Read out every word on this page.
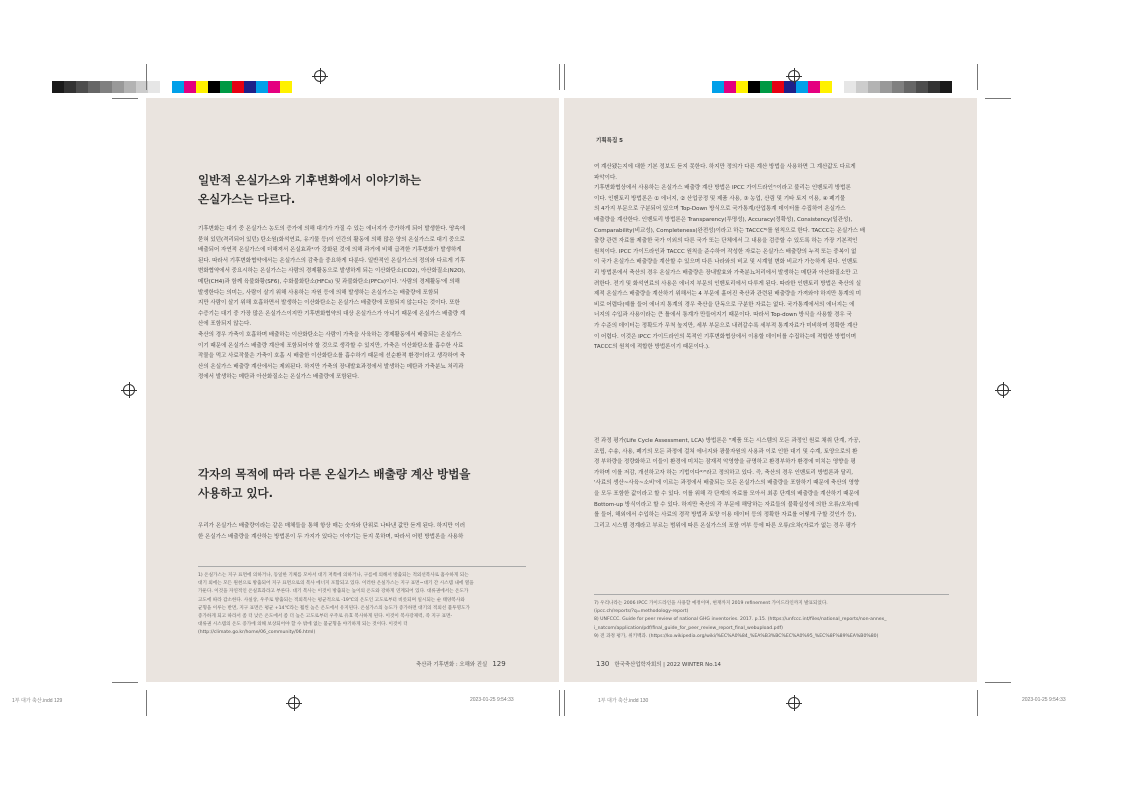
일반적 온실가스와 기후변화에서 이야기하는
온실가스는 다르다.

기후변화는 대기 중 온실가스 농도의 증가에 의해 대기가 가질 수 있는 에너지가 증가하게 되어 발생한다. 땅속에

묻혀 있던(격리되어 있던) 탄소원(화석연료, 유기물 등)이 인간의 활동에 의해 많은 양의 온실가스로 대기 중으로

배출되어 자연적 온실가스에 더해져서 온실효과¹⁾가 강화된 것에 의해 과거에 비해 급격한 기후변화가 발생하게

된다. 따라서 기후변화협약에서는 온실가스의 감축을 중요하게 다룬다. 일반적인 온실가스의 정의와 다르게 기후

변화협약에서 중요시하는 온실가스는 사람의 경제활동으로 발생하게 되는 이산화탄소(CO2), 아산화질소(N2O),

메탄(CH4)과 함께 육불화황(SF6), 수화불화탄소(HFCs) 및 과불화탄소(PFCs)이다. '사람의 경제활동'에 의해

발생한다는 의미는, 사람이 살기 위해 사용하는 자원 등에 의해 발생하는 온실가스는 배출량에 포함되

지만 사람이 살기 위해 호흡하면서 발생하는 이산화탄소는 온실가스 배출량에 포함되지 않는다는 것이다. 또한

수증기는 대기 중 가장 많은 온실가스이지만 기후변화협약의 대상 온실가스가 아니기 때문에 온실가스 배출량 계

산에 포함되지 않는다.

축산의 경우 가축이 호흡하며 배출하는 이산화탄소는 사람이 가축을 사육하는 경제활동에서 배출되는 온실가스

이기 때문에 온실가스 배출량 계산에 포함되어야 할 것으로 생각할 수 있지만, 가축은 이산화탄소를 흡수한 사료

작물을 먹고 사료작물은 가축이 호흡 시 배출한 이산화탄소를 흡수하기 때문에 선순환적 환경이라고 생각하여 축

산의 온실가스 배출량 계산에서는 제외된다. 하지만 가축의 장내발효과정에서 발생하는 메탄과 가축분뇨 처리과

정에서 발생하는 메탄과 아산화질소는 온실가스 배출량에 포함된다.

각자의 목적에 따라 다른 온실가스 배출량 계산 방법을
사용하고 있다.

우리가 온실가스 배출량이라는 같은 매체들을 통해 항상 매는 숫자와 단위로 나타낸 값만 듣게 된다. 하지만 이러

한 온실가스 배출량을 계산하는 방법론이 두 가지가 있다는 이야기는 듣지 못하며, 따라서 어떤 방법론을 사용하

1) 온실가스는 지구 표면에 의하거나, 동일한 기체를 모아서 대기 저쪽에 의하거나, 구름에 의해서 방출되는 적외선복사로 흡수하게 되는

대기 외에는 모든 원천으로 방출되어 지구 표면으로의 복사 에너지 포함되고 있다. 이러한 온실가스는 지구 표면~대기 간 시스템 내에 열을

가둔다. 이것을 자연적인 온실효과라고 부른다. 대기 복사는 이것이 방출되는 높이의 온도와 강하게 연계되어 있다. 대류권에서는 온도가

고도에 따라 감소한다. 사실상, 우주로 방출되는 적외복사는 평균적으로 -19℃의 온도인 고도로부터 비롯되며 일시되는 순 태양복사와

균형을 이루는 반면, 지구 표면은 평균 +14℃라는 훨씬 높은 온도에서 유지된다. 온실가스의 농도가 증가하면 대기의 적외선 불투명도가

증가하게 되고 따라서 좀 더 낮은 온도에서 좀 더 높은 고도로부터 우주로 유효 복사하게 된다. 이것이 복사강제력, 즉 지구 표면-

대류권 시스템의 온도 증가에 의해 보상되어야 할 수 밖에 없는 불균형을 야기하게 되는 것이다. 이것이 더

(http://climate.go.kr/home/06_community/06.html)

축산과 기후변화 : 오해와 진실 129
기획특집 5

여 계산됐는지에 대한 기본 정보도 듣지 못한다. 하지만 정의가 다른 계산 방법을 사용하면 그 계산값도 다르게

파악이다.

기후변화협상에서 사용하는 온실가스 배출량 계산 방법은 IPCC 가이드라인⁷⁾이라고 불리는 인벤토리 방법론

이다. 인벤토리 방법론은 ① 에너지, ② 산업공정 및 제품 사용, ③ 농업, 산림 및 기타 토지 이용, ④ 폐기물

의 4가지 부문으로 구분되어 있으며 Top-Down 방식으로 국가통계/산업통계 데이터를 수집하여 온실가스

배출량을 계산한다. 인벤토리 방법론은 Transparency(투명성), Accuracy(정확성), Consistency(일관성),

Comparability(비교성), Completeness(완전성)이라고 하는 TACCC⁸⁾를 원칙으로 한다. TACCC는 온실가스 배

출량 관련 자료를 제출한 국가 이외의 다른 국가 또는 단체에서 그 내용을 검증할 수 있도록 하는 가장 기본적인

원칙이다. IPCC 가이드라인과 TACCC 원칙을 준수하여 작성한 자료는 온실가스 배출량의 누적 또는 중복이 없

이 국가 온실가스 배출량을 계산할 수 있으며 다른 나라와의 비교 및 시계열 변화 비교가 가능하게 된다. 인벤토

리 방법론에서 축산의 경우 온실가스 배출량은 장내발효와 가축분뇨처리에서 발생하는 메탄과 아산화질소만 고

려한다. 전기 및 화석연료의 사용은 에너지 부문의 인벤토리에서 다루게 된다. 따라한 인벤토리 방법은 축산의 실

제적 온실가스 배출량을 계산하기 위해서는 4 부문에 흩어진 축산과 관련된 배출량을 가져와야 하지만 통계의 미

비로 어렵다(예를 들어 에너지 통계의 경우 축산을 단독으로 구분한 자료는 없다. 국가통계에서의 에너지는 에

너지의 수입과 사용이라는 큰 틀에서 통계가 만들어지기 때문이다. 따라서 Top-down 방식을 사용할 경우 국

가 수준의 데이터는 정확도가 무척 높지만, 세부 부문으로 내려갈수록 세부적 통계자료가 미비하며 정확한 계산

이 어렵다. 이것은 IPCC 가이드라인의 목적인 기후변화협상에서 이용할 데이터를 수집하는데 적합한 방법이며

TACCC의 원칙에 적합한 방법론이기 때문이다.).

전 과정 평가(Life Cycle Assessment, LCA) 방법론은 "제품 또는 시스템의 모든 과정인 원료 채취 단계, 가공,

조립, 수송, 사용, 폐기의 모든 과정에 걸쳐 에너지와 광물자원의 사용과 이로 인한 대기 및 수계, 토양으로의 환

경 부하량을 정량화하고 이들이 환경에 미치는 잠재적 악영향을 규명하고 환경부하가 환경에 미치는 영향을 평

가하며 이를 저감, 개선하고자 하는 기법이다⁹⁾"라고 정의하고 있다. 즉, 축산의 경우 인벤토리 방법론과 달리,

'사료의 생산~사육~소비'에 이르는 과정에서 배출되는 모든 온실가스의 배출량을 포함하기 때문에 축산의 영향

을 모두 포함한 값이라고 할 수 있다. 이를 위해 각 단계의 자료를 모아서 최종 단계의 배출량을 계산하기 때문에

Bottom-up 방식이라고 할 수 있다. 하지만 축산의 각 부문에 해당하는 자료들의 불확실성에 의한 오류/오차(예

를 들어, 해외에서 수입하는 사료의 경작 방법과 토양 이용 데이터 등의 정확한 자료를 어떻게 구할 것인가 등),

그리고 시스템 경계라고 부르는 범위에 따른 온실가스의 포함 여부 등에 따른 오류/오차(자료가 없는 경우 평가

7) 우리나라는 2006 IPCC 가이드라인을 사용할 예정이며, 현재까지 2019 refinement 가이드라인까지 발표되었다.

(ipcc.ch/reports/?q=methodology-report)

8) UNFCCC. Guide for peer review of national GHG inventories. 2017. p.15. (https://unfccc.int/files/national_reports/non-annex_

i_natcom/application/pdf/final_guide_for_peer_review_report_final_webupload.pdf)

9) 전 과정 평가, 위키백과. (https://ko.wikipedia.org/wiki/%EC%A0%84_%EA%B3%BC%EC%A0%95_%EC%8F%89%EA%B0%80)

130 한국축산업학자회의 | 2022 WINTER No.14
1부 대가 축산.indd 129	2023-01-25 9:54:33	1부 대가 축산.indd 130	2023-01-25 9:54:33
